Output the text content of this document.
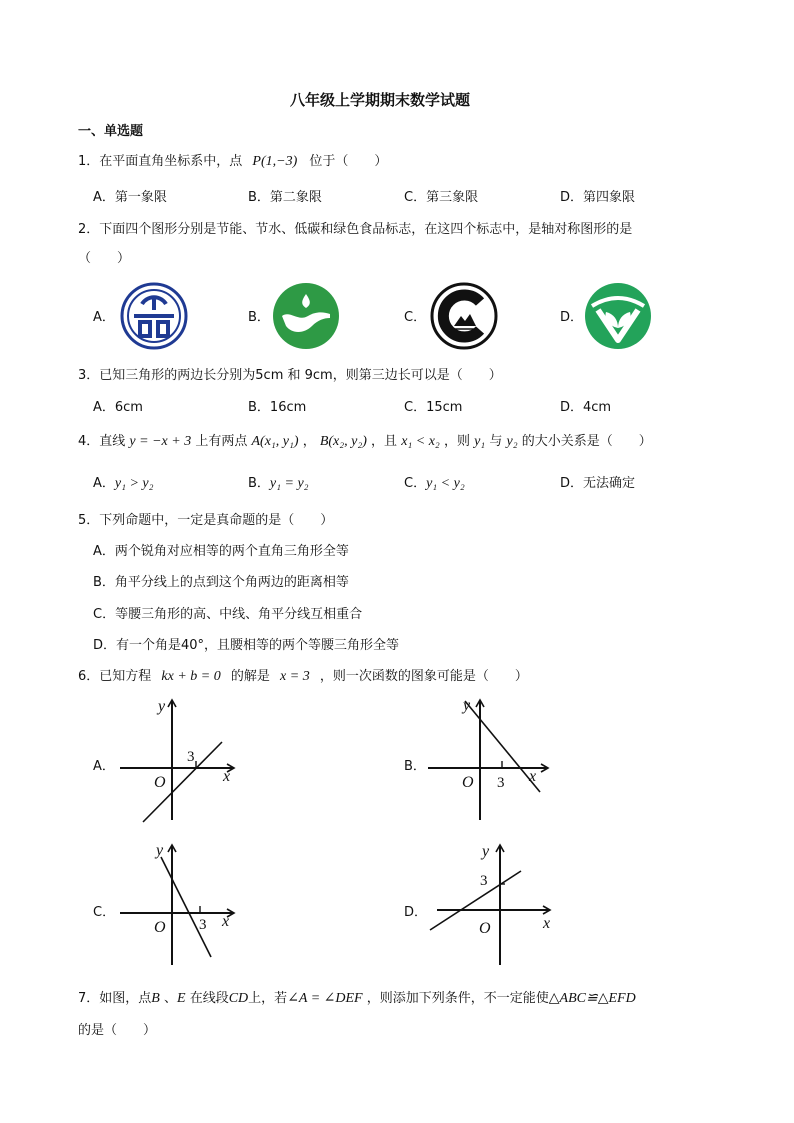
八年级上学期期末数学试题
一、单选题
1．在平面直角坐标系中，点 P(1,−3) 位于（　　）
A．第一象限	B．第二象限	C．第三象限	D．第四象限
2．下面四个图形分别是节能、节水、低碳和绿色食品标志，在这四个标志中，是轴对称图形的是
（　　）
A．	B．	C．	D．
3．已知三角形的两边长分别为5cm 和 9cm，则第三边长可以是（　　）
A．6cm	B．16cm	C．15cm	D．4cm
4．直线 y = −x + 3 上有两点 A(x₁, y₁) ， B(x₂, y₂) ，且 x₁ < x₂ ，则 y₁ 与 y₂ 的大小关系是（　　）
A．y₁ > y₂	B．y₁ = y₂	C．y₁ < y₂	D．无法确定
5．下列命题中，一定是真命题的是（　　）
A．两个锐角对应相等的两个直角三角形全等
B．角平分线上的点到这个角两边的距离相等
C．等腰三角形的高、中线、角平分线互相重合
D．有一个角是40°，且腰相等的两个等腰三角形全等
6．已知方程 kx + b = 0 的解是 x = 3 ，则一次函数的图象可能是（　　）
A．	B．
C．	D．
y
x
O
3
y
x
O 3
y
x
O 3
y
x
O
3
7．如图，点B 、E 在线段CD上，若∠A = ∠DEF ，则添加下列条件，不一定能使△ABC≌△EFD
的是（　　）
